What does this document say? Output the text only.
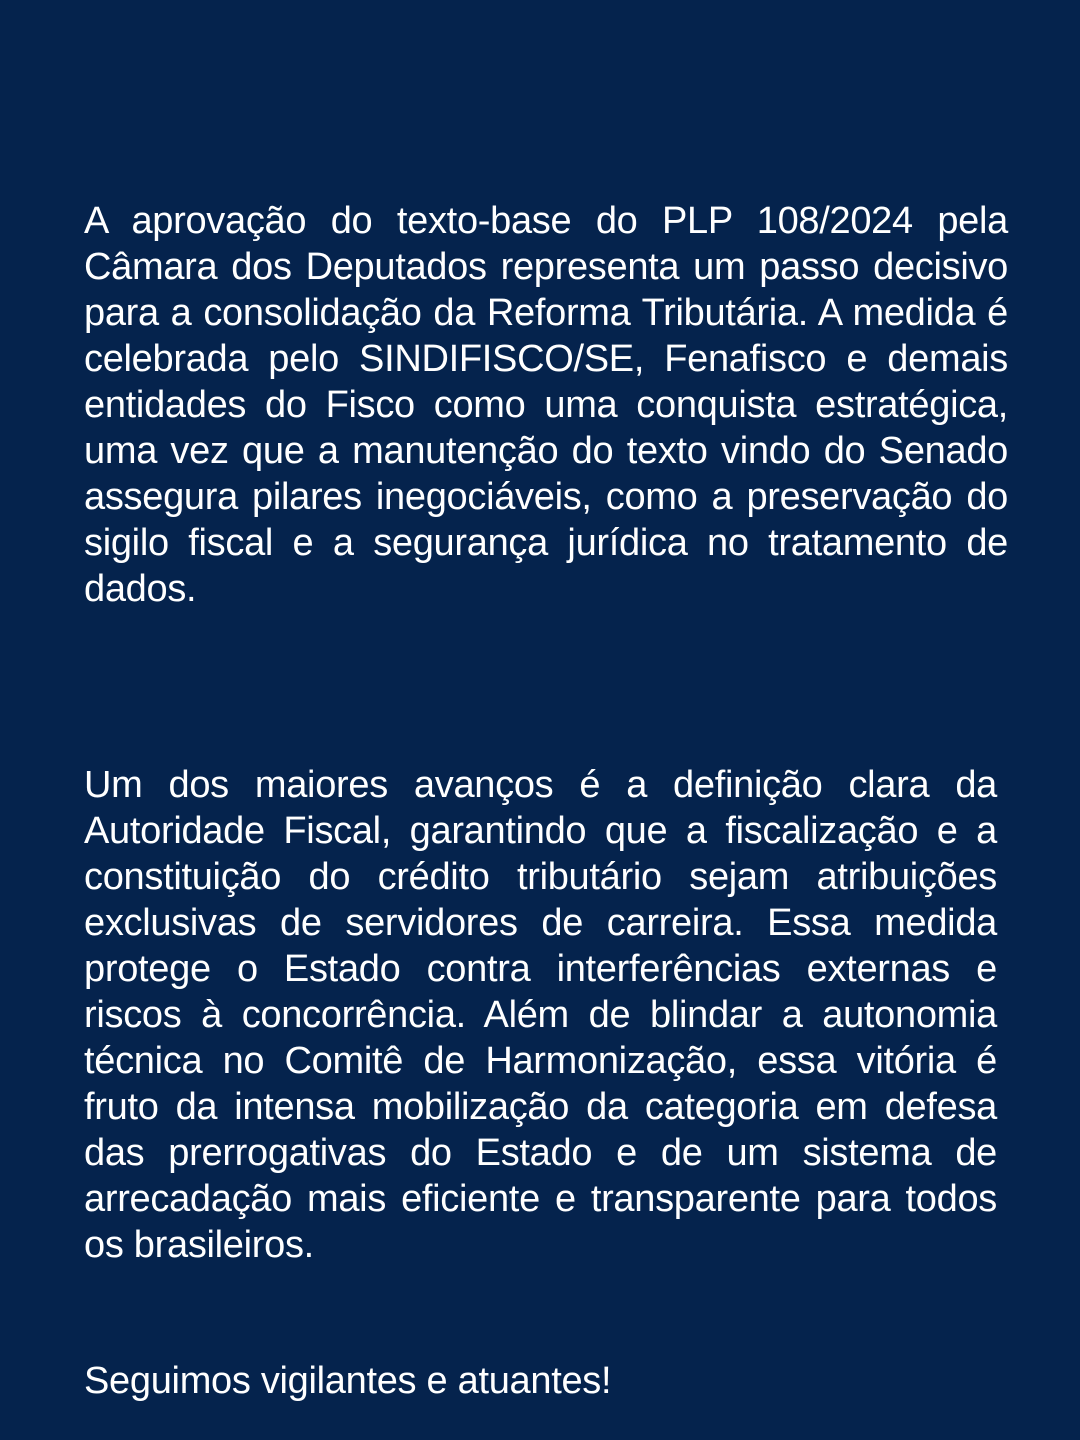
A aprovação do texto-base do PLP 108/2024 pela Câmara dos Deputados representa um passo decisivo para a consolidação da Reforma Tributária. A medida é celebrada pelo SINDIFISCO/SE, Fenafisco e demais entidades do Fisco como uma conquista estratégica, uma vez que a manutenção do texto vindo do Senado assegura pilares inegociáveis, como a preservação do sigilo fiscal e a segurança jurídica no tratamento de dados.

Um dos maiores avanços é a definição clara da Autoridade Fiscal, garantindo que a fiscalização e a constituição do crédito tributário sejam atribuições exclusivas de servidores de carreira. Essa medida protege o Estado contra interferências externas e riscos à concorrência. Além de blindar a autonomia técnica no Comitê de Harmonização, essa vitória é fruto da intensa mobilização da categoria em defesa das prerrogativas do Estado e de um sistema de arrecadação mais eficiente e transparente para todos os brasileiros.

Seguimos vigilantes e atuantes!
